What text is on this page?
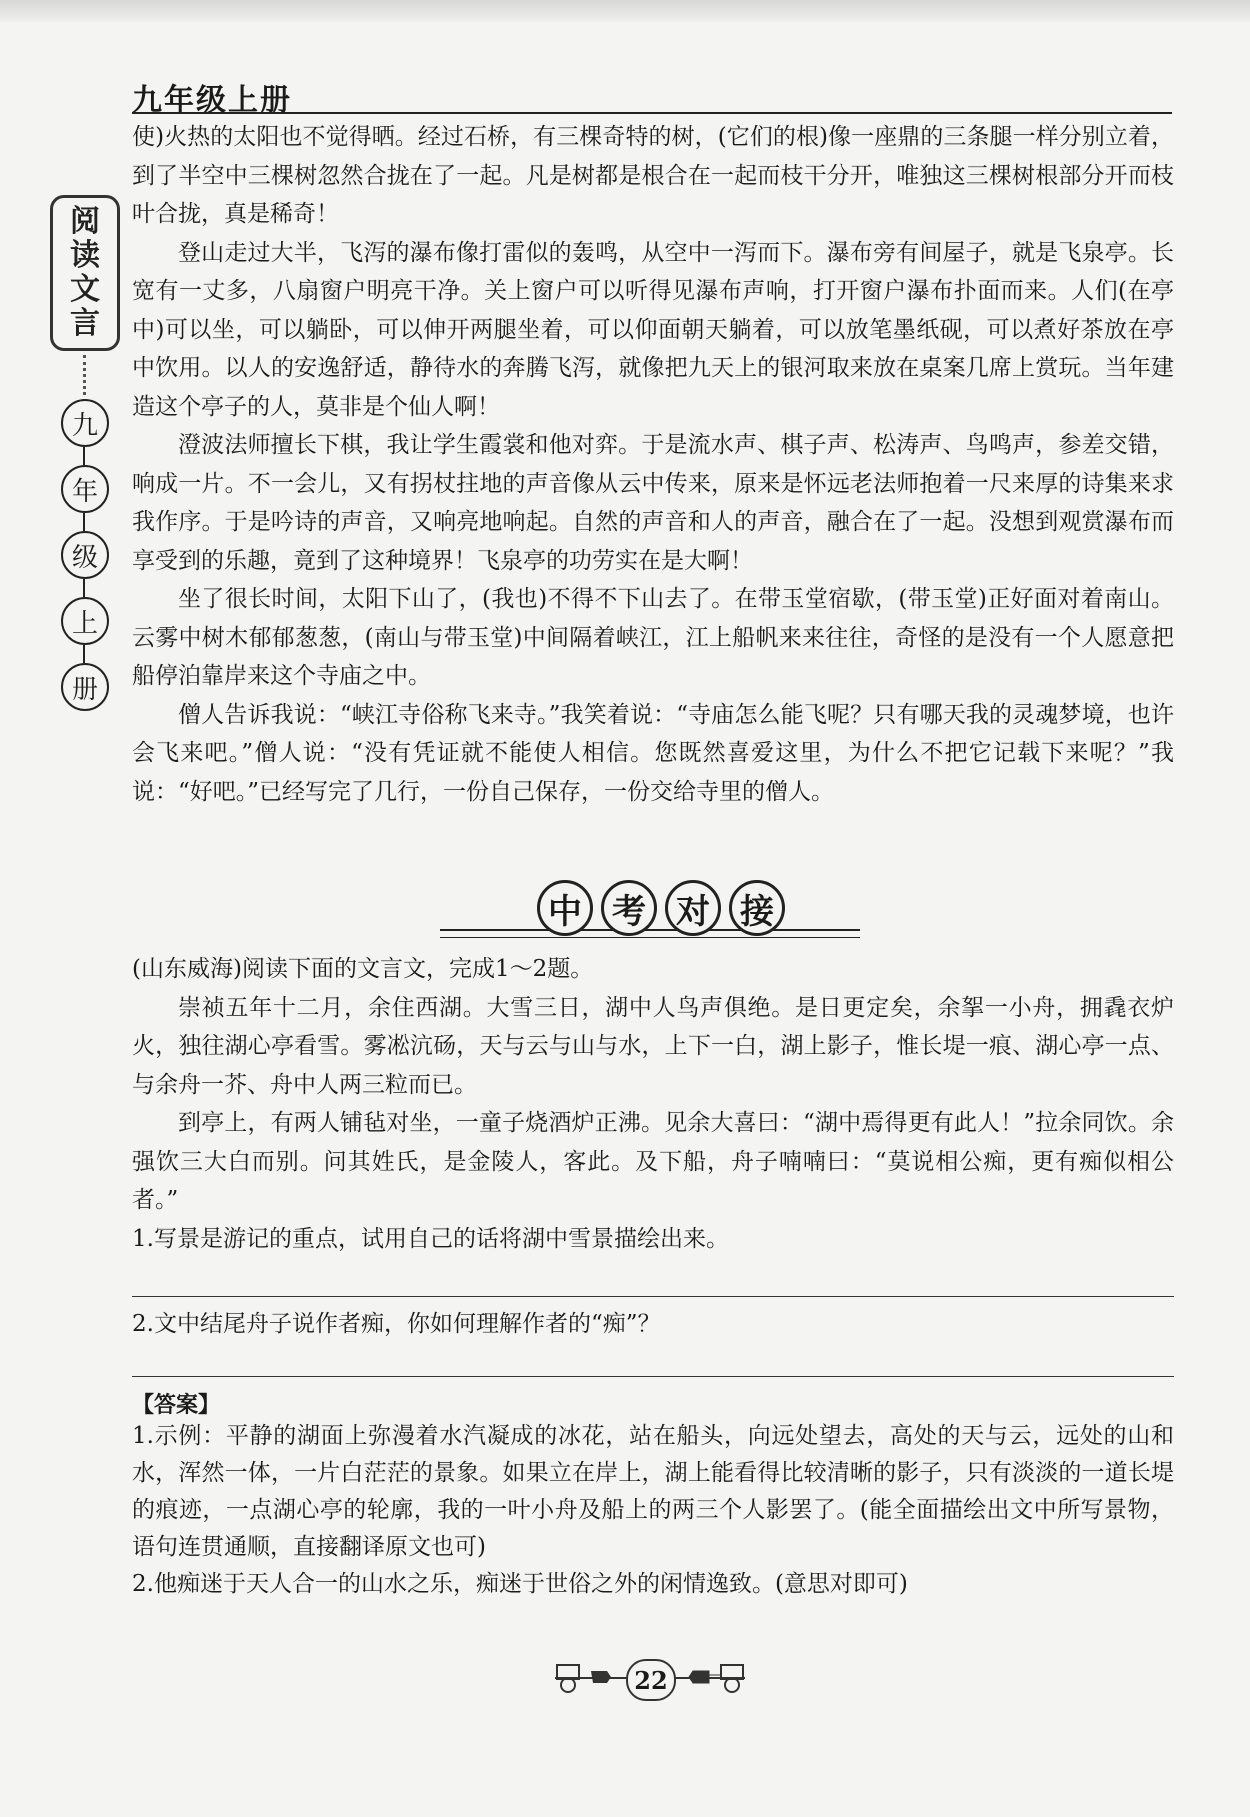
九年级上册
阅
读
文
言
九
年
级
上
册

使)火热的太阳也不觉得晒。经过石桥，有三棵奇特的树，(它们的根)像一座鼎的三条腿一样分别立着，到了半空中三棵树忽然合拢在了一起。凡是树都是根合在一起而枝干分开，唯独这三棵树根部分开而枝叶合拢，真是稀奇！

登山走过大半，飞泻的瀑布像打雷似的轰鸣，从空中一泻而下。瀑布旁有间屋子，就是飞泉亭。长宽有一丈多，八扇窗户明亮干净。关上窗户可以听得见瀑布声响，打开窗户瀑布扑面而来。人们(在亭中)可以坐，可以躺卧，可以伸开两腿坐着，可以仰面朝天躺着，可以放笔墨纸砚，可以煮好茶放在亭中饮用。以人的安逸舒适，静待水的奔腾飞泻，就像把九天上的银河取来放在桌案几席上赏玩。当年建造这个亭子的人，莫非是个仙人啊！

澄波法师擅长下棋，我让学生霞裳和他对弈。于是流水声、棋子声、松涛声、鸟鸣声，参差交错，响成一片。不一会儿，又有拐杖拄地的声音像从云中传来，原来是怀远老法师抱着一尺来厚的诗集来求我作序。于是吟诗的声音，又响亮地响起。自然的声音和人的声音，融合在了一起。没想到观赏瀑布而享受到的乐趣，竟到了这种境界！飞泉亭的功劳实在是大啊！

坐了很长时间，太阳下山了，(我也)不得不下山去了。在带玉堂宿歇，(带玉堂)正好面对着南山。云雾中树木郁郁葱葱，(南山与带玉堂)中间隔着峡江，江上船帆来来往往，奇怪的是没有一个人愿意把船停泊靠岸来这个寺庙之中。

僧人告诉我说：“峡江寺俗称飞来寺。”我笑着说：“寺庙怎么能飞呢？只有哪天我的灵魂梦境，也许会飞来吧。”僧人说：“没有凭证就不能使人相信。您既然喜爱这里，为什么不把它记载下来呢？”我说：“好吧。”已经写完了几行，一份自己保存，一份交给寺里的僧人。

中 考 对 接

(山东威海)阅读下面的文言文，完成1～2题。

崇祯五年十二月，余住西湖。大雪三日，湖中人鸟声俱绝。是日更定矣，余挐一小舟，拥毳衣炉火，独往湖心亭看雪。雾凇沆砀，天与云与山与水，上下一白，湖上影子，惟长堤一痕、湖心亭一点、与余舟一芥、舟中人两三粒而已。

到亭上，有两人铺毡对坐，一童子烧酒炉正沸。见余大喜曰：“湖中焉得更有此人！”拉余同饮。余强饮三大白而别。问其姓氏，是金陵人，客此。及下船，舟子喃喃曰：“莫说相公痴，更有痴似相公者。”

1.写景是游记的重点，试用自己的话将湖中雪景描绘出来。

2.文中结尾舟子说作者痴，你如何理解作者的“痴”？

【答案】

1.示例：平静的湖面上弥漫着水汽凝成的冰花，站在船头，向远处望去，高处的天与云，远处的山和水，浑然一体，一片白茫茫的景象。如果立在岸上，湖上能看得比较清晰的影子，只有淡淡的一道长堤的痕迹，一点湖心亭的轮廓，我的一叶小舟及船上的两三个人影罢了。(能全面描绘出文中所写景物，语句连贯通顺，直接翻译原文也可)

2.他痴迷于天人合一的山水之乐，痴迷于世俗之外的闲情逸致。(意思对即可)

22
